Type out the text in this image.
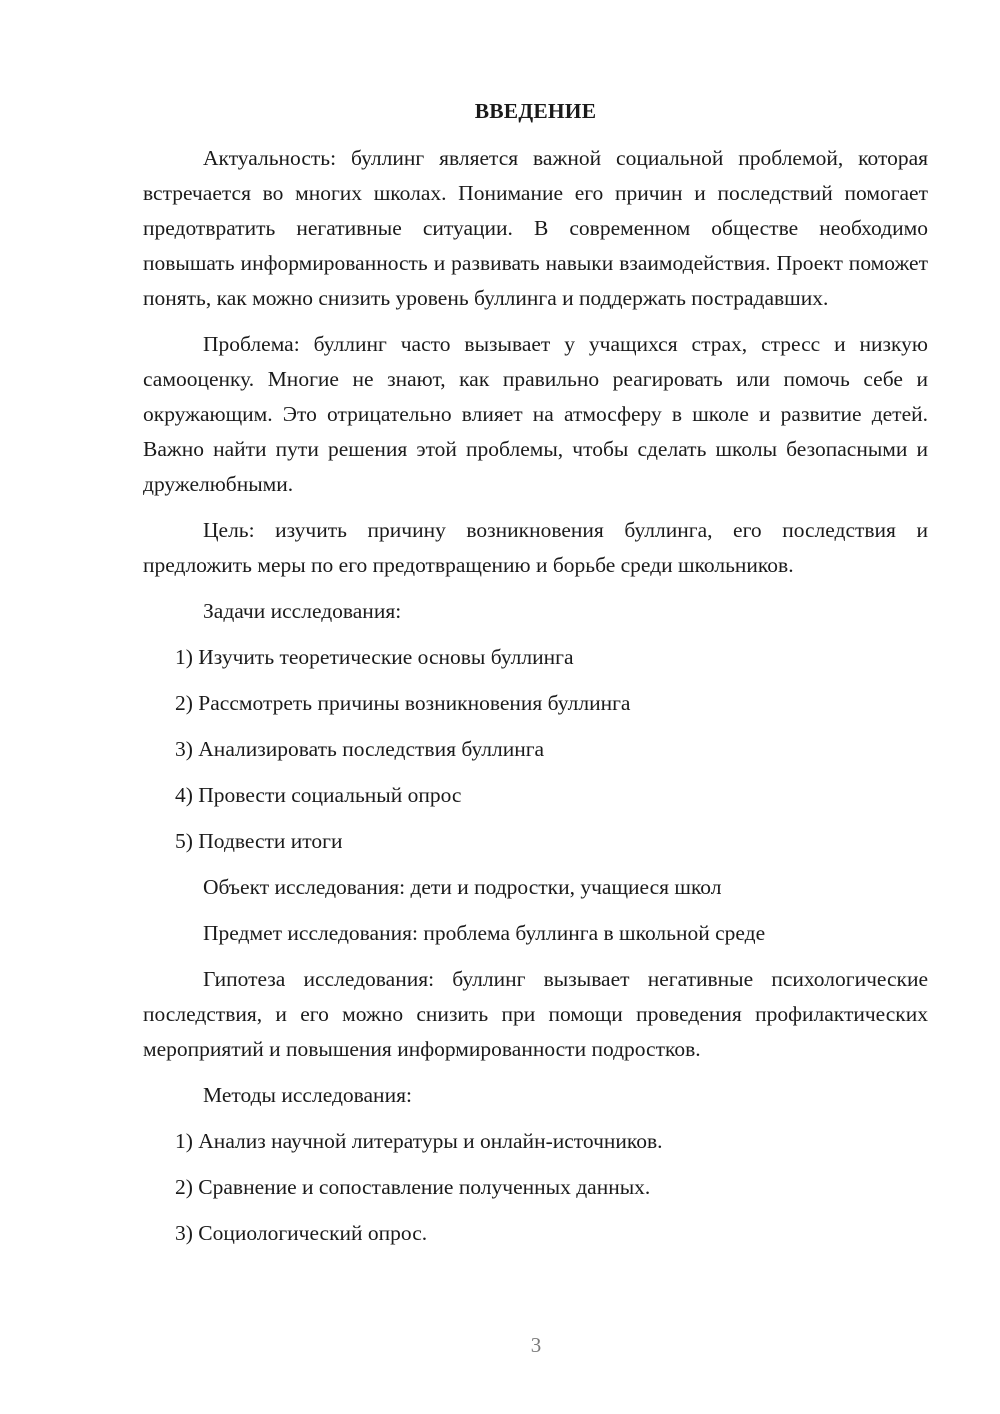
ВВЕДЕНИЕ
Актуальность: буллинг является важной социальной проблемой, которая встречается во многих школах. Понимание его причин и последствий помогает предотвратить негативные ситуации. В современном обществе необходимо повышать информированность и развивать навыки взаимодействия. Проект поможет понять, как можно снизить уровень буллинга и поддержать пострадавших.
Проблема: буллинг часто вызывает у учащихся страх, стресс и низкую самооценку. Многие не знают, как правильно реагировать или помочь себе и окружающим. Это отрицательно влияет на атмосферу в школе и развитие детей. Важно найти пути решения этой проблемы, чтобы сделать школы безопасными и дружелюбными.
Цель: изучить причину возникновения буллинга, его последствия и предложить меры по его предотвращению и борьбе среди школьников.
Задачи исследования:
1) Изучить теоретические основы буллинга
2) Рассмотреть причины возникновения буллинга
3) Анализировать последствия буллинга
4) Провести социальный опрос
5) Подвести итоги
Объект исследования: дети и подростки, учащиеся школ
Предмет исследования: проблема буллинга в школьной среде
Гипотеза исследования: буллинг вызывает негативные психологические последствия, и его можно снизить при помощи проведения профилактических мероприятий и повышения информированности подростков.
Методы исследования:
1) Анализ научной литературы и онлайн-источников.
2) Сравнение и сопоставление полученных данных.
3) Социологический опрос.
3
